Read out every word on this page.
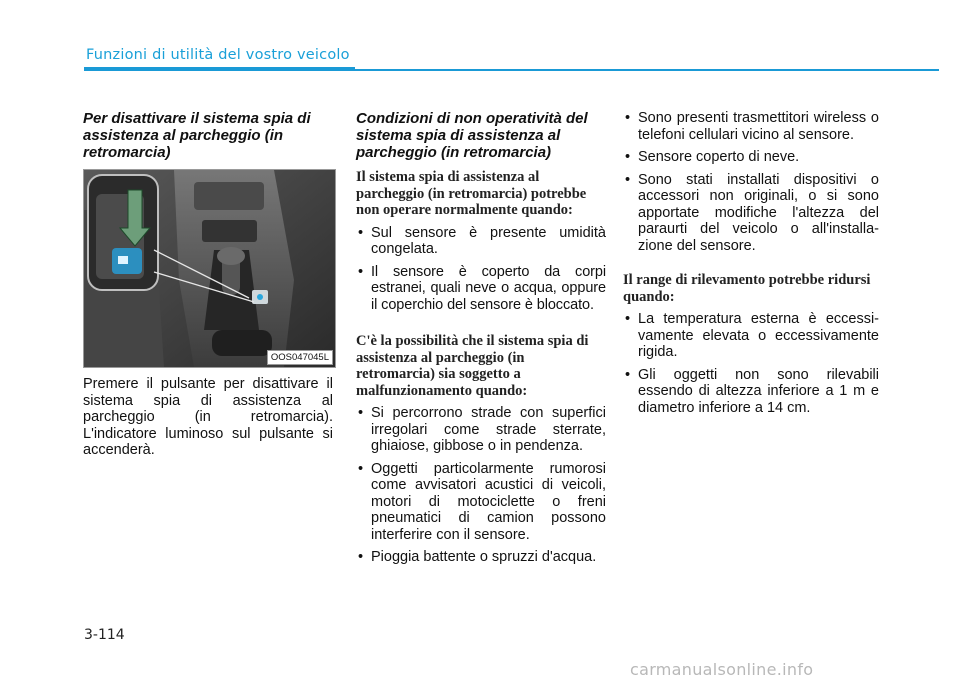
Funzioni di utilità del vostro veicolo

Per disattivare il sistema spia di assistenza al parcheggio (in retromarcia)

OOS047045L

Premere il pulsante per disattivare il sistema spia di assistenza al parcheggio (in retromarcia). L'indicatore luminoso sul pulsante si accenderà.

Condizioni di non operatività del sistema spia di assistenza al parcheggio (in retromarcia)

Il sistema spia di assistenza al parcheggio (in retromarcia) potrebbe non operare normalmente quando:

• Sul sensore è presente umidità congelata.
• Il sensore è coperto da corpi estranei, quali neve o acqua, oppure il coperchio del sensore è bloccato.

C'è la possibilità che il sistema spia di assistenza al parcheggio (in retromarcia) sia soggetto a malfunzionamento quando:

• Si percorrono strade con superfici irregolari come strade sterrate, ghiaiose, gibbose o in pendenza.
• Oggetti particolarmente rumorosi come avvisatori acustici di veicoli, motori di motociclette o freni pneumatici di camion possono interferire con il sensore.
• Pioggia battente o spruzzi d'acqua.
• Sono presenti trasmettitori wireless o telefoni cellulari vicino al sensore.
• Sensore coperto di neve.
• Sono stati installati dispositivi o accessori non originali, o si sono apportate modifiche l'altezza del paraurti del veicolo o all'installa- zione del sensore.

Il range di rilevamento potrebbe ridursi quando:

• La temperatura esterna è eccessi- vamente elevata o eccessivamente rigida.
• Gli oggetti non sono rilevabili essendo di altezza inferiore a 1 m e diametro inferiore a 14 cm.
3-114
carmanualsonline.info
